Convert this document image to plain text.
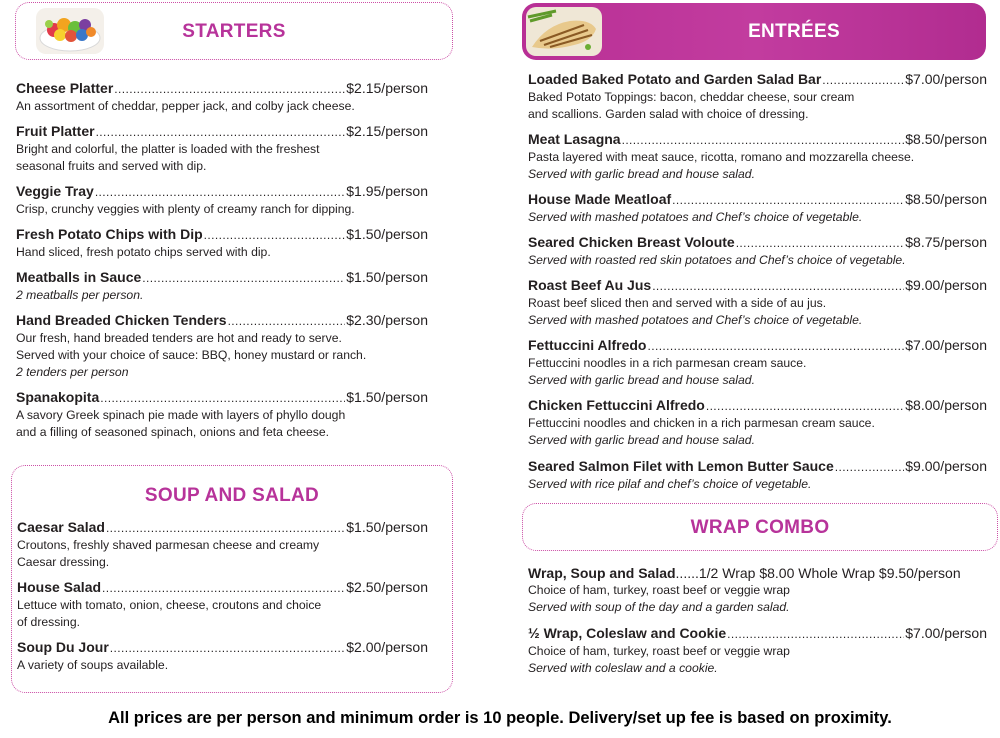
STARTERS
Cheese Platter .....	$2.15/person
An assortment of cheddar, pepper jack, and colby jack cheese.
Fruit Platter .....	$2.15/person
Bright and colorful, the platter is loaded with the freshest
seasonal fruits and served with dip.
Veggie Tray .....	$1.95/person
Crisp, crunchy veggies with plenty of creamy ranch for dipping.
Fresh Potato Chips with Dip .....	$1.50/person
Hand sliced, fresh potato chips served with dip.
Meatballs in Sauce .....	$1.50/person
2 meatballs per person.
Hand Breaded Chicken Tenders .....	$2.30/person
Our fresh, hand breaded tenders are hot and ready to serve.
Served with your choice of sauce: BBQ, honey mustard or ranch.
2 tenders per person
Spanakopita .....	$1.50/person
A savory Greek spinach pie made with layers of phyllo dough
and a filling of seasoned spinach, onions and feta cheese.
SOUP AND SALAD
Caesar Salad .....	$1.50/person
Croutons, freshly shaved parmesan cheese and creamy
Caesar dressing.
House Salad .....	$2.50/person
Lettuce with tomato, onion, cheese, croutons and choice
of dressing.
Soup Du Jour .....	$2.00/person
A variety of soups available.
ENTRÉES
Loaded Baked Potato and Garden Salad Bar .....	$7.00/person
Baked Potato Toppings: bacon, cheddar cheese, sour cream
and scallions. Garden salad with choice of dressing.
Meat Lasagna .....	$8.50/person
Pasta layered with meat sauce, ricotta, romano and mozzarella cheese.
Served with garlic bread and house salad.
House Made Meatloaf .....	$8.50/person
Served with mashed potatoes and Chef’s choice of vegetable.
Seared Chicken Breast Voloute .....	$8.75/person
Served with roasted red skin potatoes and Chef’s choice of vegetable.
Roast Beef Au Jus .....	$9.00/person
Roast beef sliced then and served with a side of au jus.
Served with mashed potatoes and Chef’s choice of vegetable.
Fettuccini Alfredo .....	$7.00/person
Fettuccini noodles in a rich parmesan cream sauce.
Served with garlic bread and house salad.
Chicken Fettuccini Alfredo .....	$8.00/person
Fettuccini noodles and chicken in a rich parmesan cream sauce.
Served with garlic bread and house salad.
Seared Salmon Filet with Lemon Butter Sauce .....	$9.00/person
Served with rice pilaf and chef’s choice of vegetable.
WRAP COMBO
Wrap, Soup and Salad ......1/2 Wrap $8.00 Whole Wrap $9.50/person
Choice of ham, turkey, roast beef or veggie wrap
Served with soup of the day and a garden salad.
½ Wrap, Coleslaw and Cookie .....	$7.00/person
Choice of ham, turkey, roast beef or veggie wrap
Served with coleslaw and a cookie.
All prices are per person and minimum order is 10 people. Delivery/set up fee is based on proximity.
